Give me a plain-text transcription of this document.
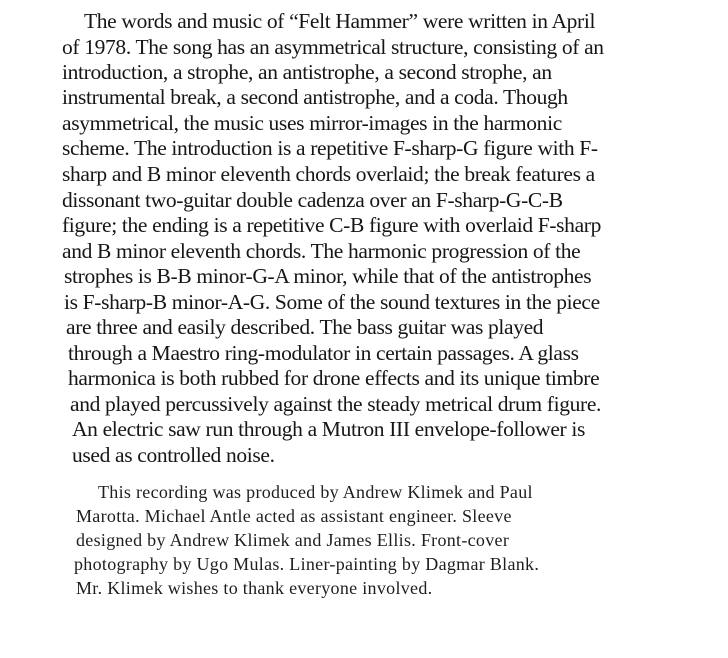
The words and music of “Felt Hammer” were written in April
of 1978. The song has an asymmetrical structure, consisting of an
introduction, a strophe, an antistrophe, a second strophe, an
instrumental break, a second antistrophe, and a coda. Though
asymmetrical, the music uses mirror-images in the harmonic
scheme. The introduction is a repetitive F-sharp-G figure with F-
sharp and B minor eleventh chords overlaid; the break features a
dissonant two-guitar double cadenza over an F-sharp-G-C-B
figure; the ending is a repetitive C-B figure with overlaid F-sharp
and B minor eleventh chords. The harmonic progression of the
strophes is B-B minor-G-A minor, while that of the antistrophes
is F-sharp-B minor-A-G. Some of the sound textures in the piece
are three and easily described. The bass guitar was played
through a Maestro ring-modulator in certain passages. A glass
harmonica is both rubbed for drone effects and its unique timbre
and played percussively against the steady metrical drum figure.
An electric saw run through a Mutron III envelope-follower is
used as controlled noise.
This recording was produced by Andrew Klimek and Paul
Marotta. Michael Antle acted as assistant engineer. Sleeve
designed by Andrew Klimek and James Ellis. Front-cover
photography by Ugo Mulas. Liner-painting by Dagmar Blank.
Mr. Klimek wishes to thank everyone involved.
